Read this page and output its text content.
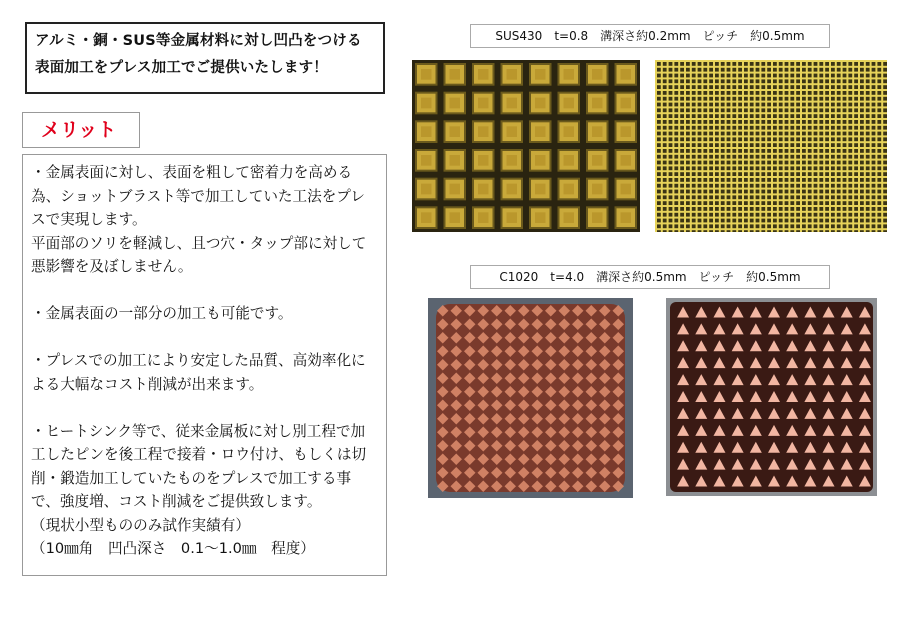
アルミ・銅・SUS等金属材料に対し凹凸をつける
表面加工をプレス加工でご提供いたします！
メリット
・金属表面に対し、表面を粗して密着力を高める為、ショットブラスト等で加工していた工法をプレスで実現します。
平面部のソリを軽減し、且つ穴・タップ部に対して悪影響を及ぼしません。

・金属表面の一部分の加工も可能です。

・プレスでの加工により安定した品質、高効率化による大幅なコスト削減が出来ます。

・ヒートシンク等で、従来金属板に対し別工程で加工したピンを後工程で接着・ロウ付け、もしくは切削・鍛造加工していたものをプレスで加工する事で、強度増、コスト削減をご提供致します。
（現状小型もののみ試作実績有）
（10㎜角　凹凸深さ　0.1～1.0㎜　程度）
SUS430　t=0.8　溝深さ約0.2mm　ピッチ　約0.5mm
C1020　t=4.0　溝深さ約0.5mm　ピッチ　約0.5mm
